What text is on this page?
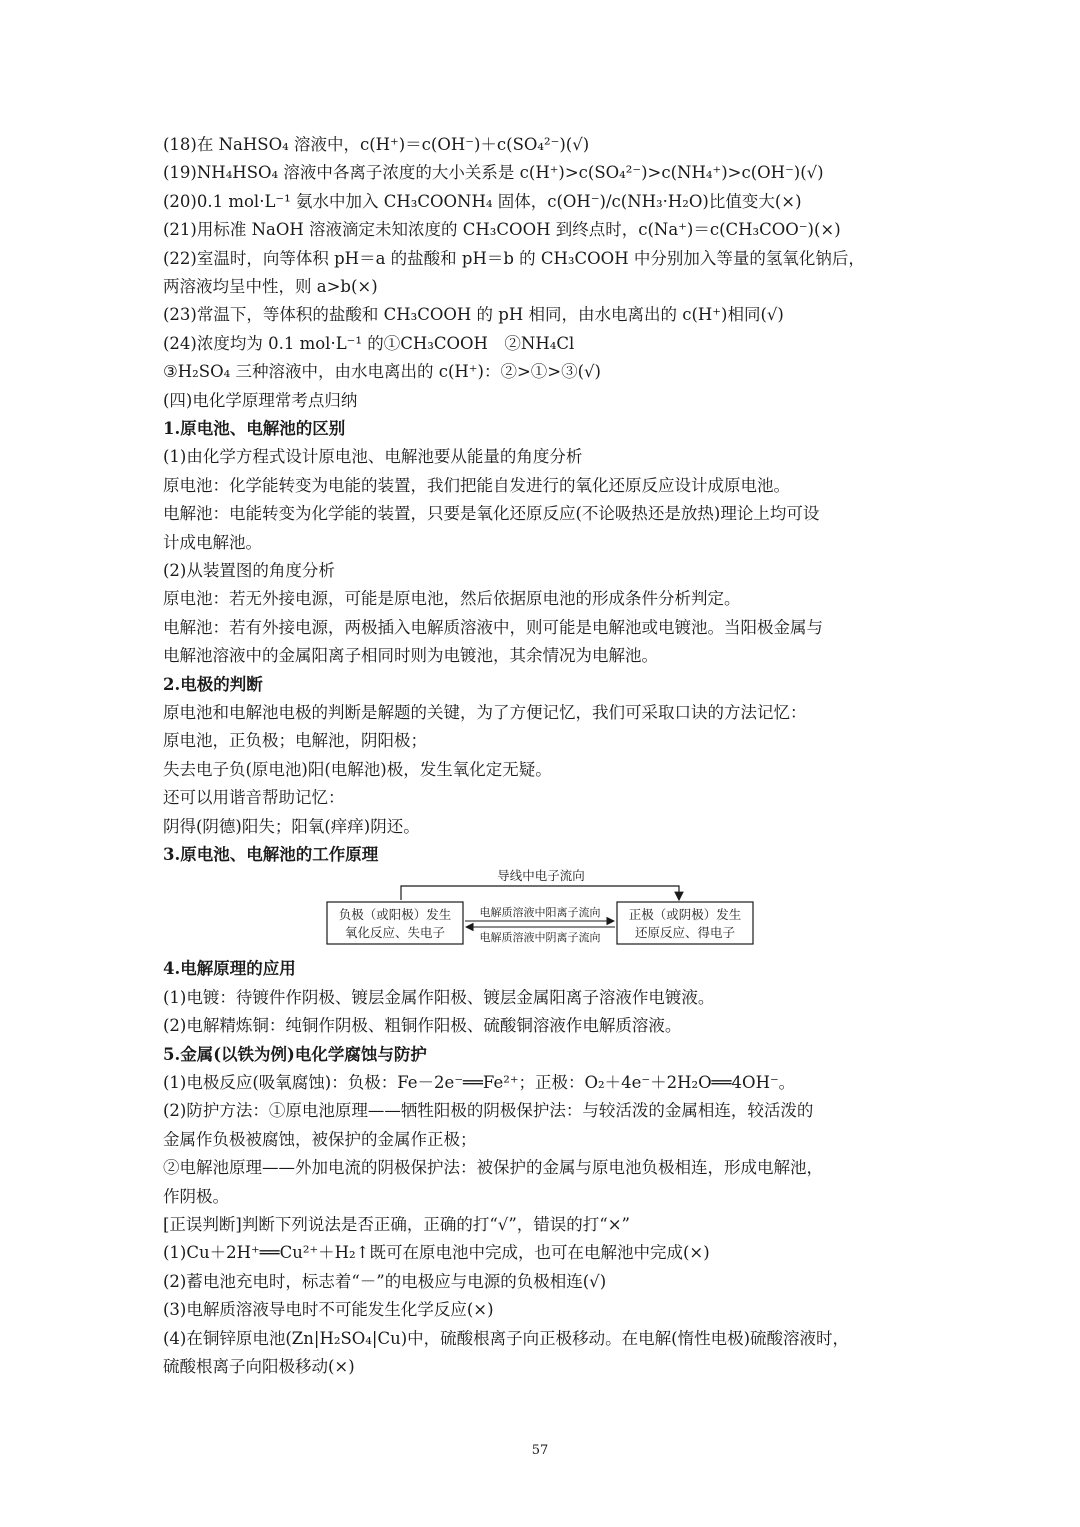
(18)在 NaHSO₄ 溶液中，c(H⁺)＝c(OH⁻)＋c(SO₄²⁻)(√)
(19)NH₄HSO₄ 溶液中各离子浓度的大小关系是 c(H⁺)>c(SO₄²⁻)>c(NH₄⁺)>c(OH⁻)(√)
(20)0.1 mol·L⁻¹ 氨水中加入 CH₃COONH₄ 固体，c(OH⁻)/c(NH₃·H₂O)比值变大(×)
(21)用标准 NaOH 溶液滴定未知浓度的 CH₃COOH 到终点时，c(Na⁺)＝c(CH₃COO⁻)(×)
(22)室温时，向等体积 pH＝a 的盐酸和 pH＝b 的 CH₃COOH 中分别加入等量的氢氧化钠后，
两溶液均呈中性，则 a>b(×)
(23)常温下，等体积的盐酸和 CH₃COOH 的 pH 相同，由水电离出的 c(H⁺)相同(√)
(24)浓度均为 0.1 mol·L⁻¹ 的①CH₃COOH　②NH₄Cl
③H₂SO₄ 三种溶液中，由水电离出的 c(H⁺)：②>①>③(√)
(四)电化学原理常考点归纳
1.原电池、电解池的区别
(1)由化学方程式设计原电池、电解池要从能量的角度分析
原电池：化学能转变为电能的装置，我们把能自发进行的氧化还原反应设计成原电池。
电解池：电能转变为化学能的装置，只要是氧化还原反应(不论吸热还是放热)理论上均可设
计成电解池。
(2)从装置图的角度分析
原电池：若无外接电源，可能是原电池，然后依据原电池的形成条件分析判定。
电解池：若有外接电源，两极插入电解质溶液中，则可能是电解池或电镀池。当阳极金属与
电解池溶液中的金属阳离子相同时则为电镀池，其余情况为电解池。
2.电极的判断
原电池和电解池电极的判断是解题的关键，为了方便记忆，我们可采取口诀的方法记忆：
原电池，正负极；电解池，阴阳极；
失去电子负(原电池)阳(电解池)极，发生氧化定无疑。
还可以用谐音帮助记忆：
阴得(阴德)阳失；阳氧(痒痒)阴还。
3.原电池、电解池的工作原理
4.电解原理的应用
(1)电镀：待镀件作阴极、镀层金属作阳极、镀层金属阳离子溶液作电镀液。
(2)电解精炼铜：纯铜作阴极、粗铜作阳极、硫酸铜溶液作电解质溶液。
5.金属(以铁为例)电化学腐蚀与防护
(1)电极反应(吸氧腐蚀)：负极：Fe－2e⁻══Fe²⁺；正极：O₂＋4e⁻＋2H₂O══4OH⁻。
(2)防护方法：①原电池原理——牺牲阳极的阴极保护法：与较活泼的金属相连，较活泼的
金属作负极被腐蚀，被保护的金属作正极；
②电解池原理——外加电流的阴极保护法：被保护的金属与原电池负极相连，形成电解池，
作阴极。
[正误判断]判断下列说法是否正确，正确的打“√”，错误的打“×”
(1)Cu＋2H⁺══Cu²⁺＋H₂↑既可在原电池中完成，也可在电解池中完成(×)
(2)蓄电池充电时，标志着“－”的电极应与电源的负极相连(√)
(3)电解质溶液导电时不可能发生化学反应(×)
(4)在铜锌原电池(Zn|H₂SO₄|Cu)中，硫酸根离子向正极移动。在电解(惰性电极)硫酸溶液时，
硫酸根离子向阳极移动(×)
导线中电子流向
负极（或阳极）发生
氧化反应、失电子
正极（或阴极）发生
还原反应、得电子
电解质溶液中阳离子流向
电解质溶液中阴离子流向
57
